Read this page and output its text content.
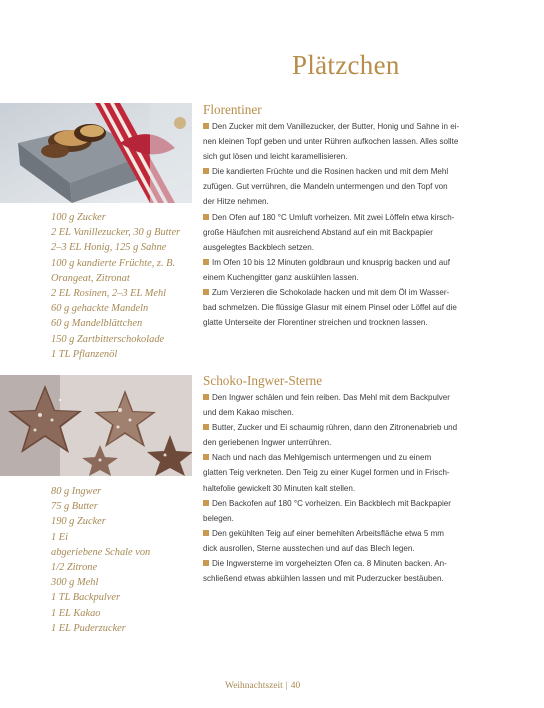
Plätzchen
Florentiner
Den Zucker mit dem Vanillezucker, der Butter, Honig und Sahne in ei-
nen kleinen Topf geben und unter Rühren aufkochen lassen. Alles sollte
sich gut lösen und leicht karamellisieren.
Die kandierten Früchte und die Rosinen hacken und mit dem Mehl
zufügen. Gut verrühren, die Mandeln untermengen und den Topf von
der Hitze nehmen.
Den Ofen auf 180 °C Umluft vorheizen. Mit zwei Löffeln etwa kirsch-
große Häufchen mit ausreichend Abstand auf ein mit Backpapier
ausgelegtes Backblech setzen.
Im Ofen 10 bis 12 Minuten goldbraun und knusprig backen und auf
einem Kuchengitter ganz auskühlen lassen.
Zum Verzieren die Schokolade hacken und mit dem Öl im Wasser-
bad schmelzen. Die flüssige Glasur mit einem Pinsel oder Löffel auf die
glatte Unterseite der Florentiner streichen und trocknen lassen.
100 g Zucker
2 EL Vanillezucker, 30 g Butter
2–3 EL Honig, 125 g Sahne
100 g kandierte Früchte, z. B.
Orangeat, Zitronat
2 EL Rosinen, 2–3 EL Mehl
60 g gehackte Mandeln
60 g Mandelblättchen
150 g Zartbitterschokolade
1 TL Pflanzenöl
Schoko-Ingwer-Sterne
Den Ingwer schälen und fein reiben. Das Mehl mit dem Backpulver
und dem Kakao mischen.
Butter, Zucker und Ei schaumig rühren, dann den Zitronenabrieb und
den geriebenen Ingwer unterrühren.
Nach und nach das Mehlgemisch untermengen und zu einem
glatten Teig verkneten. Den Teig zu einer Kugel formen und in Frisch-
haltefolie gewickelt 30 Minuten kalt stellen.
Den Backofen auf 180 °C vorheizen. Ein Backblech mit Backpapier
belegen.
Den gekühlten Teig auf einer bemehlten Arbeitsfläche etwa 5 mm
dick ausrollen, Sterne ausstechen und auf das Blech legen.
Die Ingwersterne im vorgeheizten Ofen ca. 8 Minuten backen. An-
schließend etwas abkühlen lassen und mit Puderzucker bestäuben.
80 g Ingwer
75 g Butter
190 g Zucker
1 Ei
abgeriebene Schale von
1/2 Zitrone
300 g Mehl
1 TL Backpulver
1 EL Kakao
1 EL Puderzucker
Weihnachtszeit | 40
